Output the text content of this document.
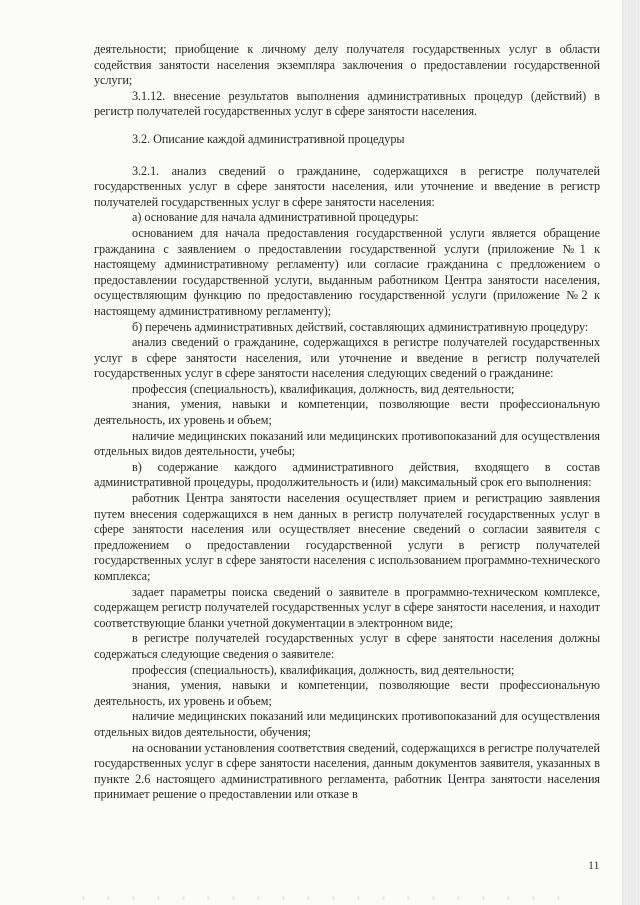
деятельности; приобщение к личному делу получателя государственных услуг в области содействия занятости населения экземпляра заключения о предоставлении государственной услуги;

3.1.12. внесение результатов выполнения административных процедур (действий) в регистр получателей государственных услуг в сфере занятости населения.

3.2. Описание каждой административной процедуры

3.2.1. анализ сведений о гражданине, содержащихся в регистре получателей государственных услуг в сфере занятости населения, или уточнение и введение в регистр получателей государственных услуг в сфере занятости населения:

а) основание для начала административной процедуры:

основанием для начала предоставления государственной услуги является обращение гражданина с заявлением о предоставлении государственной услуги (приложение №1 к настоящему административному регламенту) или согласие гражданина с предложением о предоставлении государственной услуги, выданным работником Центра занятости населения, осуществляющим функцию по предоставлению государственной услуги (приложение №2 к настоящему административному регламенту);

б) перечень административных действий, составляющих административную процедуру:

анализ сведений о гражданине, содержащихся в регистре получателей государственных услуг в сфере занятости населения, или уточнение и введение в регистр получателей государственных услуг в сфере занятости населения следующих сведений о гражданине:

профессия (специальность), квалификация, должность, вид деятельности;

знания, умения, навыки и компетенции, позволяющие вести профессиональную деятельность, их уровень и объем;

наличие медицинских показаний или медицинских противопоказаний для осуществления отдельных видов деятельности, учебы;

в) содержание каждого административного действия, входящего в состав административной процедуры, продолжительность и (или) максимальный срок его выполнения:

работник Центра занятости населения осуществляет прием и регистрацию заявления путем внесения содержащихся в нем данных в регистр получателей государственных услуг в сфере занятости населения или осуществляет внесение сведений о согласии заявителя с предложением о предоставлении государственной услуги в регистр получателей государственных услуг в сфере занятости населения с использованием программно-технического комплекса;

задает параметры поиска сведений о заявителе в программно-техническом комплексе, содержащем регистр получателей государственных услуг в сфере занятости населения, и находит соответствующие бланки учетной документации в электронном виде;

в регистре получателей государственных услуг в сфере занятости населения должны содержаться следующие сведения о заявителе:

профессия (специальность), квалификация, должность, вид деятельности;

знания, умения, навыки и компетенции, позволяющие вести профессиональную деятельность, их уровень и объем;

наличие медицинских показаний или медицинских противопоказаний для осуществления отдельных видов деятельности, обучения;

на основании установления соответствия сведений, содержащихся в регистре получателей государственных услуг в сфере занятости населения, данным документов заявителя, указанных в пункте 2.6 настоящего административного регламента, работник Центра занятости населения принимает решение о предоставлении или отказе в

11
